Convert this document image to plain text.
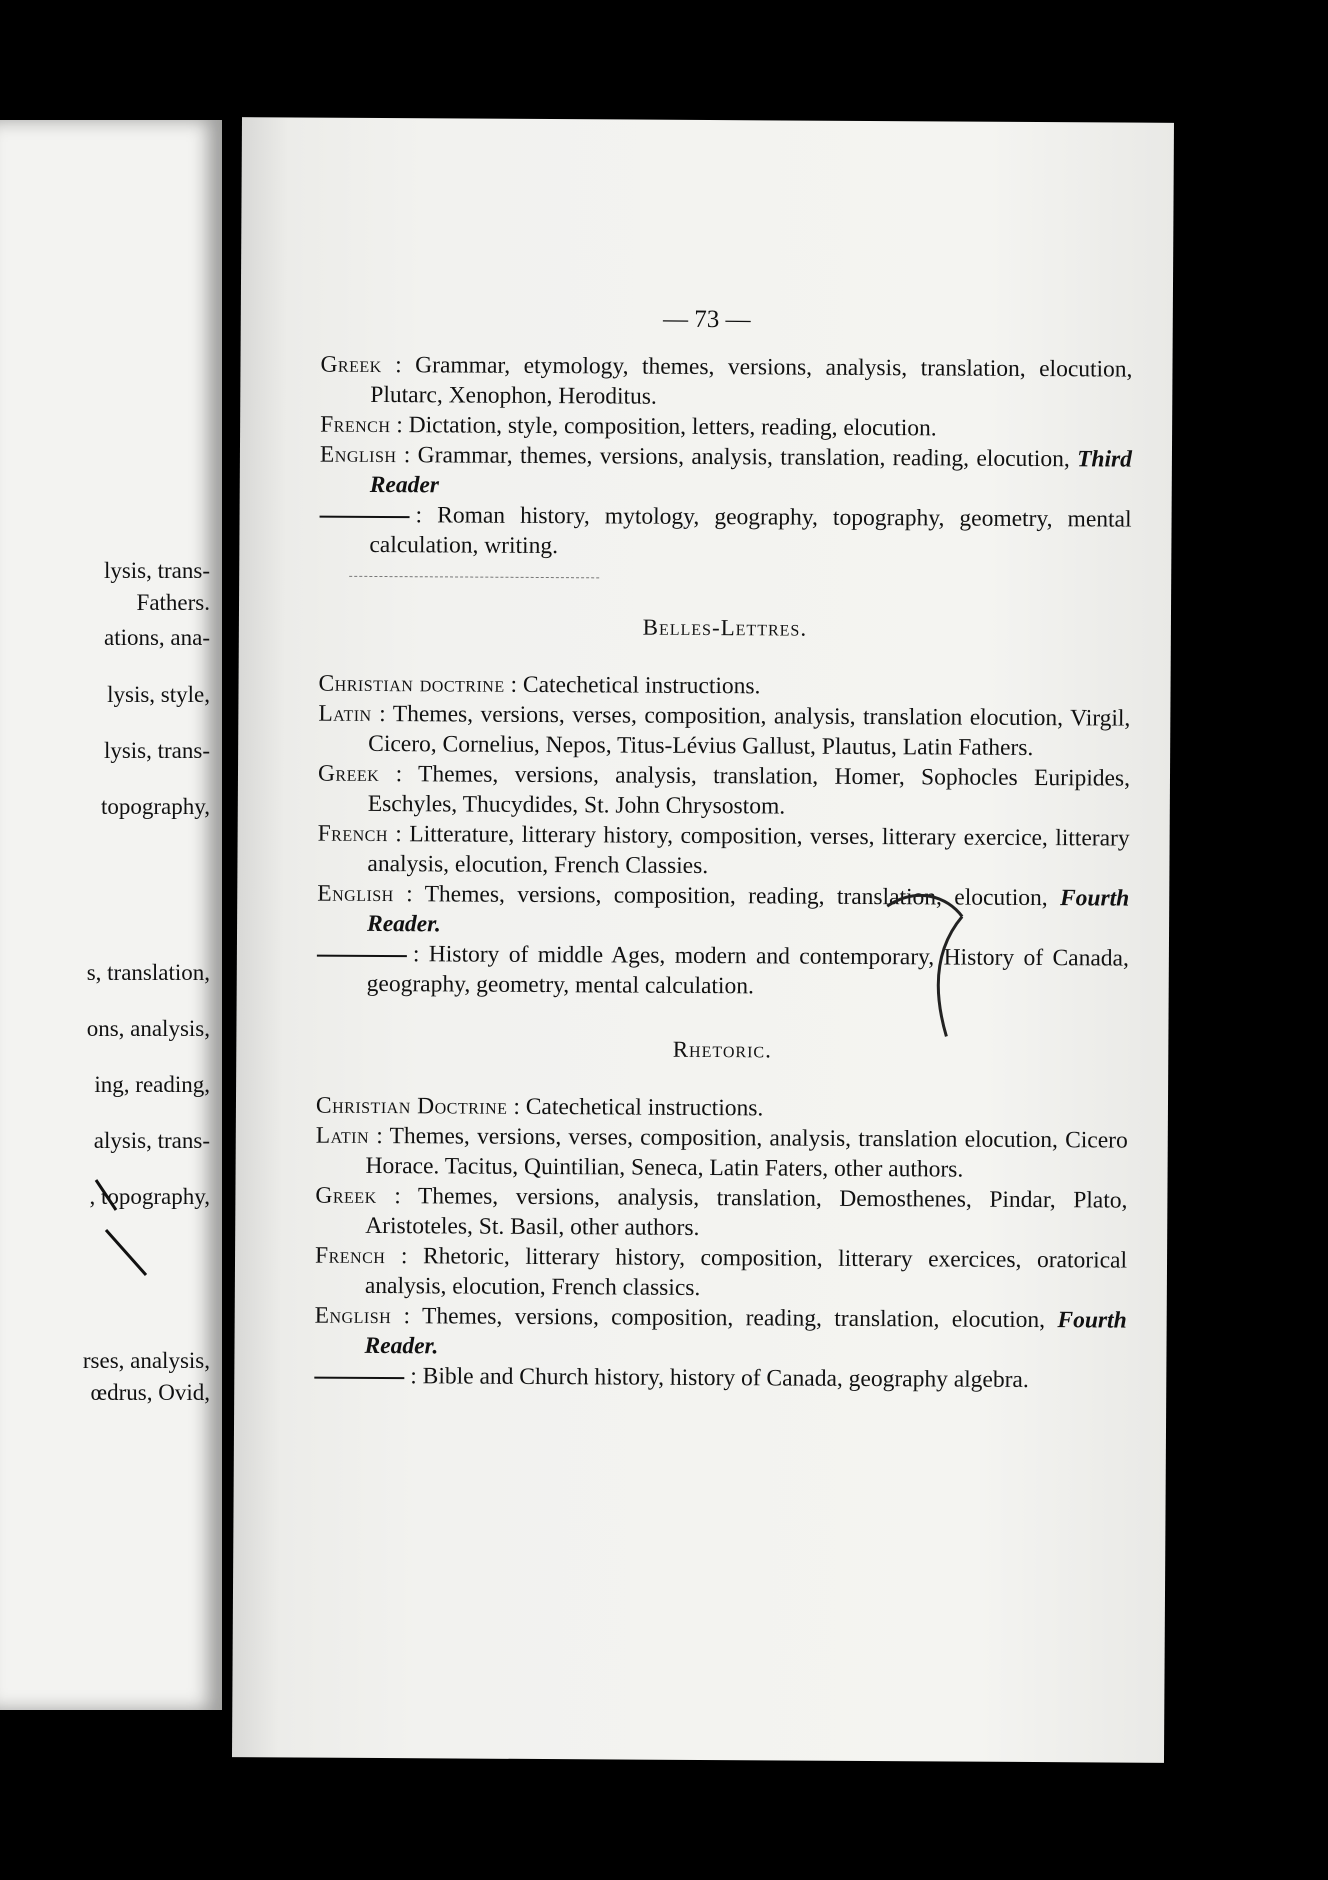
lysis, trans-
Fathers.
ations, ana-
lysis, style,
lysis, trans-
topography,
s, translation,
ons, analysis,
ing, reading,
alysis, trans-
, topography,
rses, analysis,
œdrus, Ovid,
— 73 —

Greek : Grammar, etymology, themes, versions, analysis, translation, elocution, Plutarc, Xenophon, Heroditus.

French : Dictation, style, composition, letters, reading, elocution.

English : Grammar, themes, versions, analysis, translation, reading, elocution, Third Reader

: Roman history, mytology, geography, topography, geometry, mental calculation, writing.

Belles-Lettres.

Christian doctrine : Catechetical instructions.

Latin : Themes, versions, verses, composition, analysis, translation elocution, Virgil, Cicero, Cornelius, Nepos, Titus-Lévius Gallust, Plautus, Latin Fathers.

Greek : Themes, versions, analysis, translation, Homer, Sophocles Euripides, Eschyles, Thucydides, St. John Chrysostom.

French : Litterature, litterary history, composition, verses, litterary exercice, litterary analysis, elocution, French Classies.

English : Themes, versions, composition, reading, translation, elocution, Fourth Reader.

: History of middle Ages, modern and contemporary, History of Canada, geography, geometry, mental calculation.

Rhetoric.

Christian Doctrine : Catechetical instructions.

Latin : Themes, versions, verses, composition, analysis, translation elocution, Cicero Horace. Tacitus, Quintilian, Seneca, Latin Faters, other authors.

Greek : Themes, versions, analysis, translation, Demosthenes, Pindar, Plato, Aristoteles, St. Basil, other authors.

French : Rhetoric, litterary history, composition, litterary exercices, oratorical analysis, elocution, French classics.

English : Themes, versions, composition, reading, translation, elocution, Fourth Reader.

: Bible and Church history, history of Canada, geography algebra.
